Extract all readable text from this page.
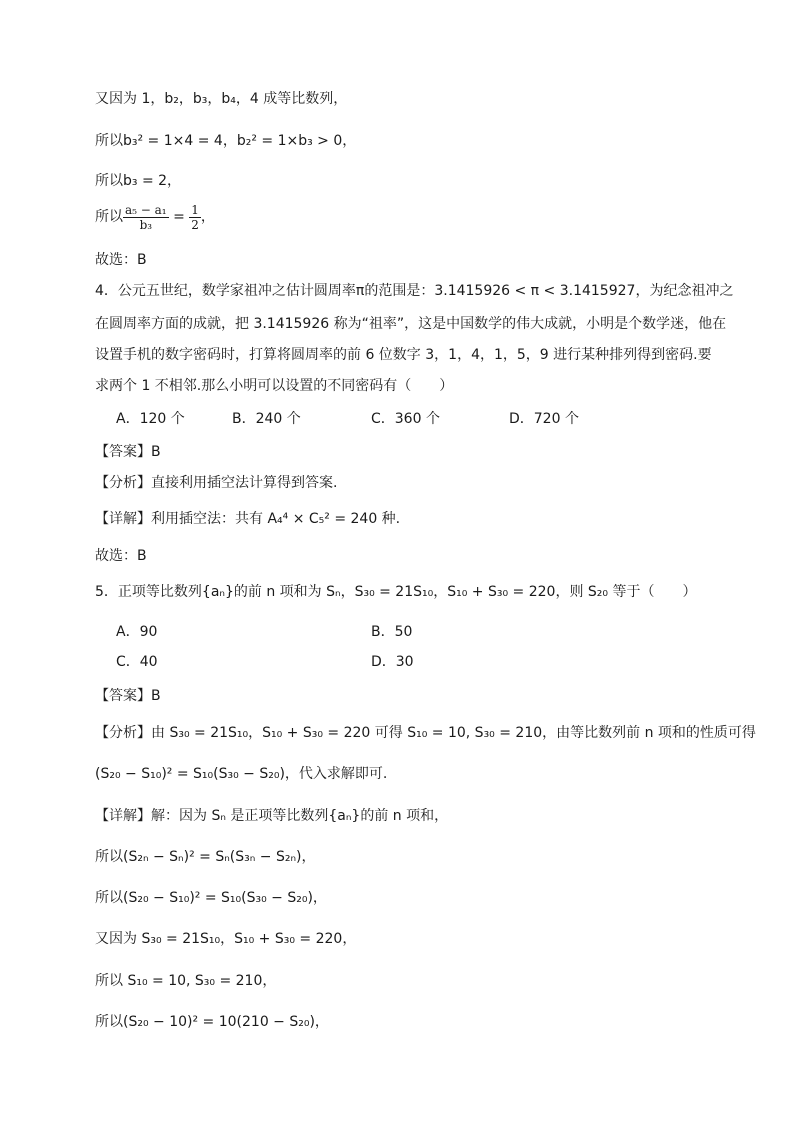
又因为 1，b₂，b₃，b₄，4 成等比数列，
所以b₃² = 1×4 = 4，b₂² = 1×b₃ > 0，
所以b₃ = 2，
所以 $\frac{\text{a₅ − a₁}}{\text{b₃}} = \frac{1}{2}$ ，
故选：B
4．公元五世纪，数学家祖冲之估计圆周率π的范围是：3.1415926 < π < 3.1415927，为纪念祖冲之
在圆周率方面的成就，把 3.1415926 称为“祖率”，这是中国数学的伟大成就，小明是个数学迷，他在
设置手机的数字密码时，打算将圆周率的前 6 位数字 3，1，4，1，5，9 进行某种排列得到密码.要
求两个 1 不相邻.那么小明可以设置的不同密码有（　　）
A．120 个	B．240 个	C．360 个	D．720 个
【答案】B
【分析】直接利用插空法计算得到答案.
【详解】利用插空法：共有 A₄⁴ × C₅² = 240 种.
故选：B
5．正项等比数列{aₙ}的前 n 项和为 Sₙ，S₃₀ = 21S₁₀，S₁₀ + S₃₀ = 220，则 S₂₀ 等于（　　）
A．90	B．50
C．40	D．30
【答案】B
【分析】由 S₃₀ = 21S₁₀，S₁₀ + S₃₀ = 220 可得 S₁₀ = 10, S₃₀ = 210，由等比数列前 n 项和的性质可得
(S₂₀ − S₁₀)² = S₁₀(S₃₀ − S₂₀)，代入求解即可.
【详解】解：因为 Sₙ 是正项等比数列{aₙ}的前 n 项和，
所以(S₂ₙ − Sₙ)² = Sₙ(S₃ₙ − S₂ₙ)，
所以(S₂₀ − S₁₀)² = S₁₀(S₃₀ − S₂₀)，
又因为 S₃₀ = 21S₁₀，S₁₀ + S₃₀ = 220，
所以 S₁₀ = 10, S₃₀ = 210，
所以(S₂₀ − 10)² = 10(210 − S₂₀)，
